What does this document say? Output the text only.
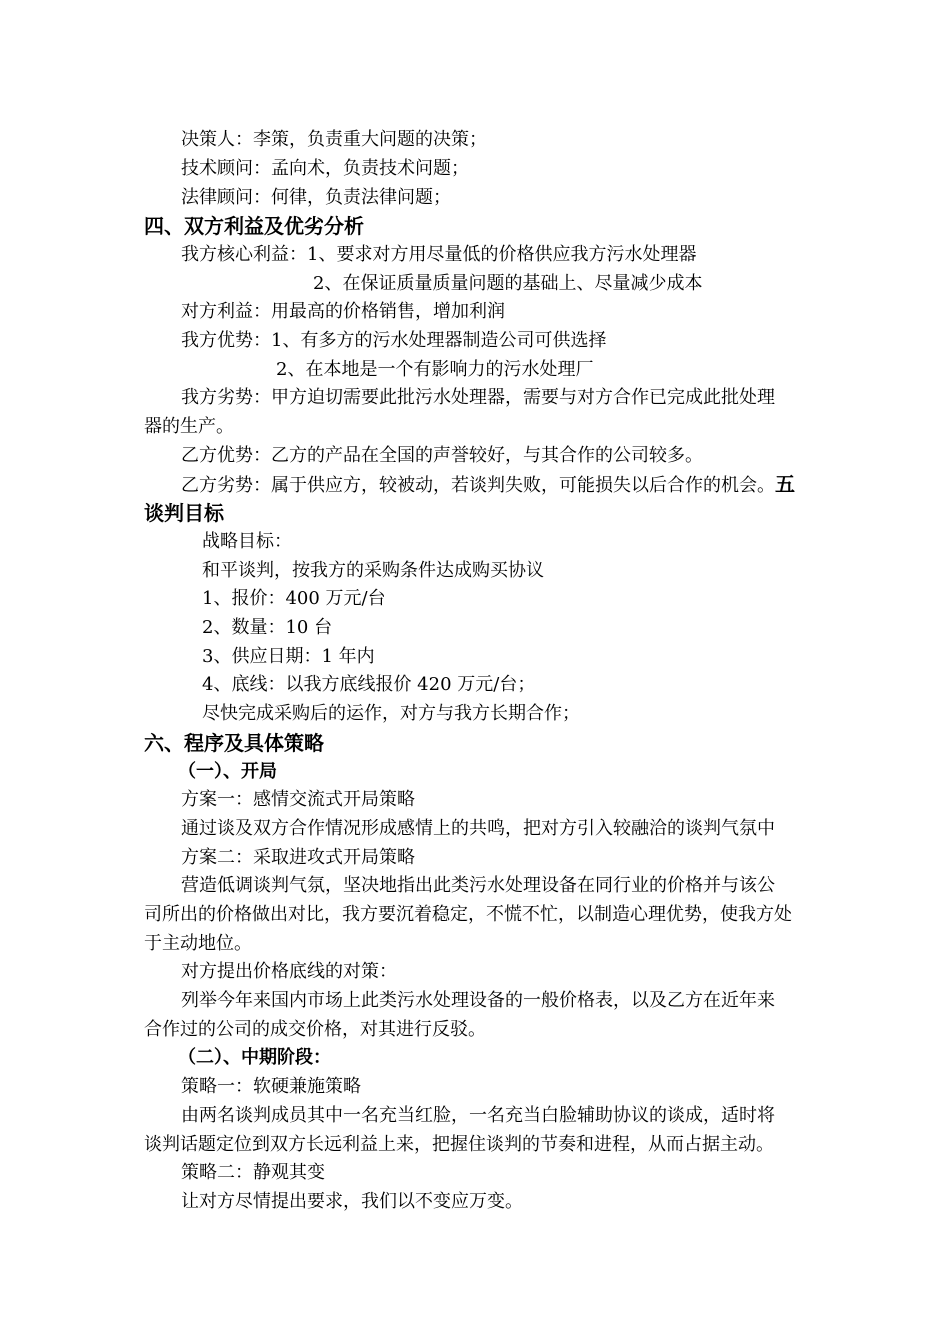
决策人：李策，负责重大问题的决策；
技术顾问：孟向术，负责技术问题；
法律顾问：何律，负责法律问题；
四、双方利益及优劣分析
我方核心利益：1、要求对方用尽量低的价格供应我方污水处理器
2、在保证质量质量问题的基础上、尽量减少成本
对方利益：用最高的价格销售，增加利润
我方优势：1、有多方的污水处理器制造公司可供选择
2、在本地是一个有影响力的污水处理厂
我方劣势：甲方迫切需要此批污水处理器，需要与对方合作已完成此批处理
器的生产。
乙方优势：乙方的产品在全国的声誉较好，与其合作的公司较多。
乙方劣势：属于供应方，较被动，若谈判失败，可能损失以后合作的机会。五
谈判目标
战略目标：
和平谈判，按我方的采购条件达成购买协议
1、报价：400 万元/台
2、数量：10 台
3、供应日期：1 年内
4、底线：以我方底线报价 420 万元/台；
尽快完成采购后的运作，对方与我方长期合作；
六、程序及具体策略
（一）、开局
方案一：感情交流式开局策略
通过谈及双方合作情况形成感情上的共鸣，把对方引入较融洽的谈判气氛中
方案二：采取进攻式开局策略
营造低调谈判气氛，坚决地指出此类污水处理设备在同行业的价格并与该公
司所出的价格做出对比，我方要沉着稳定，不慌不忙，以制造心理优势，使我方处
于主动地位。
对方提出价格底线的对策：
列举今年来国内市场上此类污水处理设备的一般价格表，以及乙方在近年来
合作过的公司的成交价格，对其进行反驳。
（二）、中期阶段：
策略一：软硬兼施策略
由两名谈判成员其中一名充当红脸，一名充当白脸辅助协议的谈成，适时将
谈判话题定位到双方长远利益上来，把握住谈判的节奏和进程，从而占据主动。
策略二：静观其变
让对方尽情提出要求，我们以不变应万变。
